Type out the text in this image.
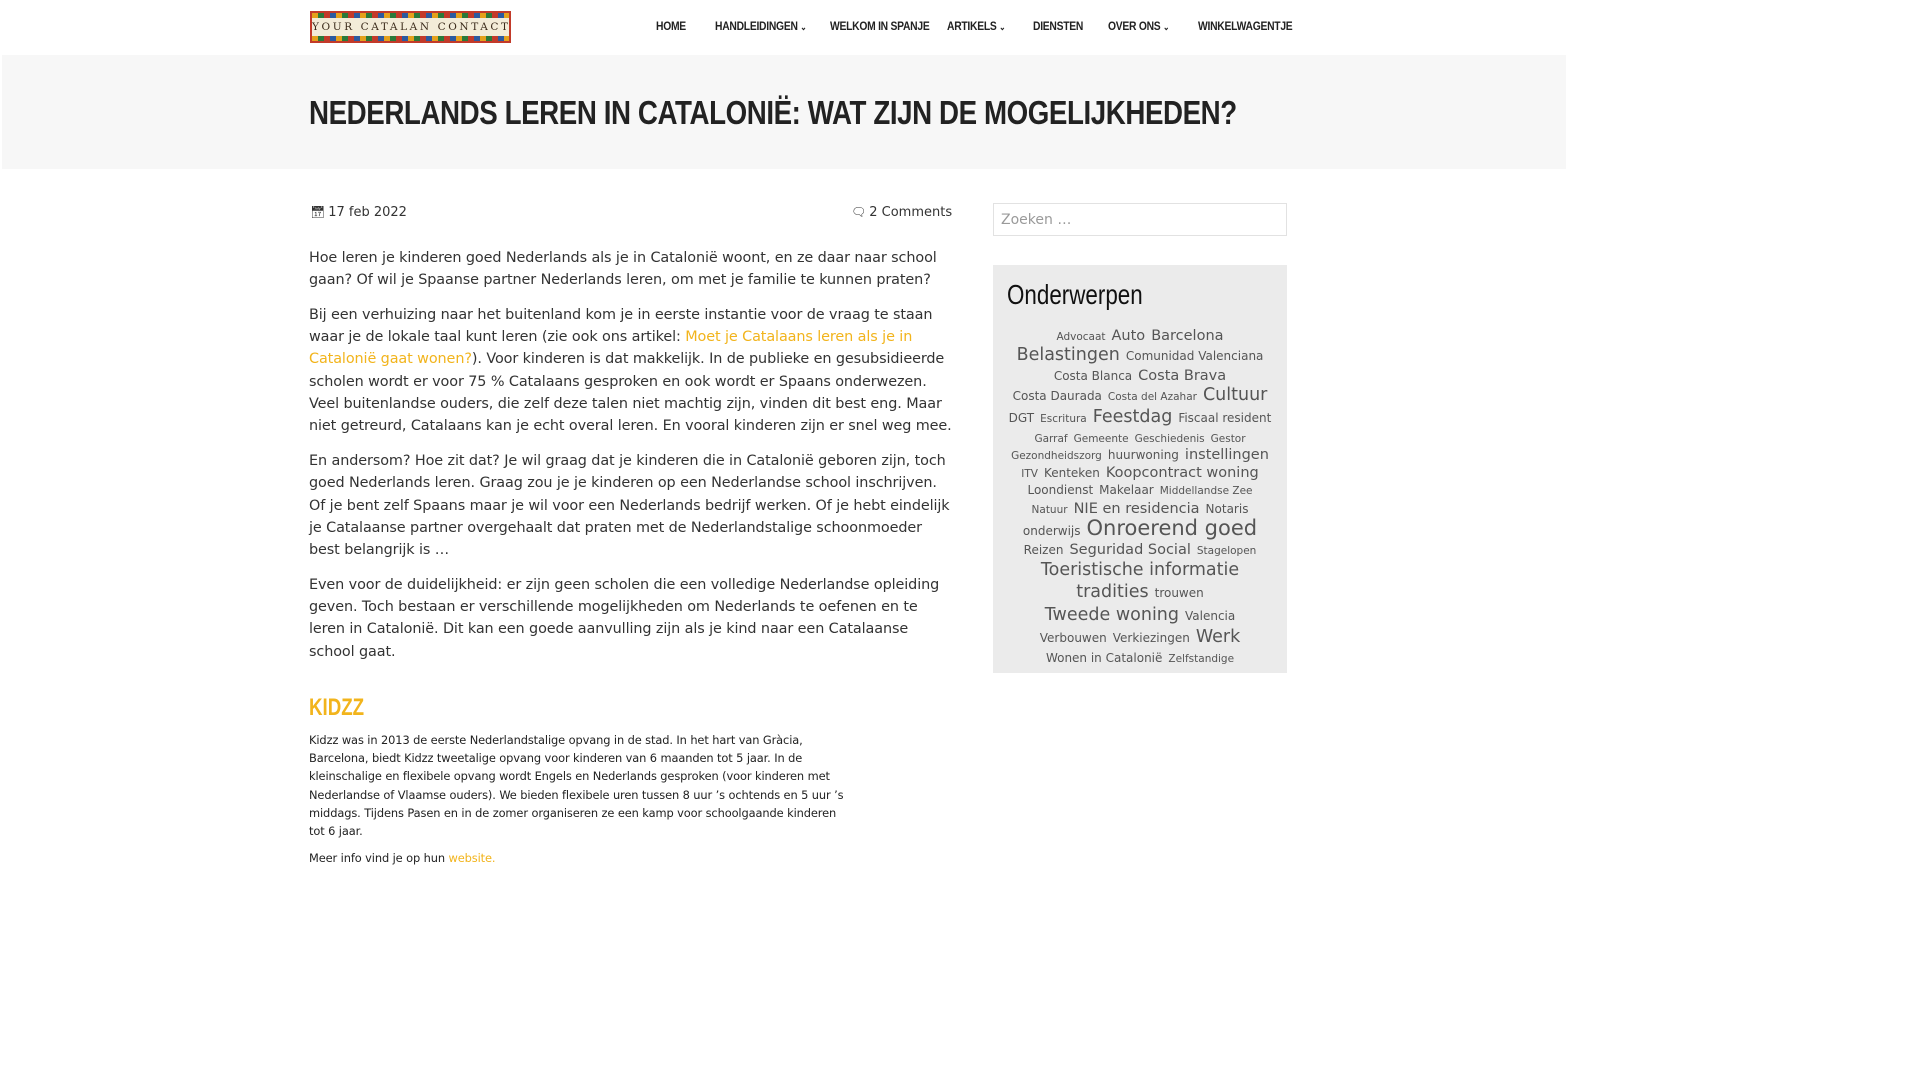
YOUR CATALAN CONTACT	HOME HANDLEIDINGEN ⌄ WELKOM IN SPANJE ARTIKELS ⌄ DIENSTEN OVER ONS ⌄ WINKELWAGENTJE
NEDERLANDS LEREN IN CATALONIË: WAT ZIJN DE MOGELIJKHEDEN?
📅︎ 17 feb 2022	🗨︎ 2 Comments

Hoe leren je kinderen goed Nederlands als je in Catalonië woont, en ze daar naar school gaan? Of wil je Spaanse partner Nederlands leren, om met je familie te kunnen praten?

Bij een verhuizing naar het buitenland kom je in eerste instantie voor de vraag te staan waar je de lokale taal kunt leren (zie ook ons artikel: Moet je Catalaans leren als je in Catalonië gaat wonen?). Voor kinderen is dat makkelijk. In de publieke en gesubsidieerde scholen wordt er voor 75 % Catalaans gesproken en ook wordt er Spaans onderwezen. Veel buitenlandse ouders, die zelf deze talen niet machtig zijn, vinden dit best eng. Maar niet getreurd, Catalaans kan je echt overal leren. En vooral kinderen zijn er snel weg mee.

En andersom? Hoe zit dat? Je wil graag dat je kinderen die in Catalonië geboren zijn, toch goed Nederlands leren. Graag zou je je kinderen op een Nederlandse school inschrijven. Of je bent zelf Spaans maar je wil voor een Nederlands bedrijf werken. Of je hebt eindelijk je Catalaanse partner overgehaalt dat praten met de Nederlandstalige schoonmoeder best belangrijk is …

Even voor de duidelijkheid: er zijn geen scholen die een volledige Nederlandse opleiding geven. Toch bestaan er verschillende mogelijkheden om Nederlands te oefenen en te leren in Catalonië. Dit kan een goede aanvulling zijn als je kind naar een Catalaanse school gaat.

KIDZZ

Kidzz was in 2013 de eerste Nederlandstalige opvang in de stad. In het hart van Gràcia, Barcelona, biedt Kidzz tweetalige opvang voor kinderen van 6 maanden tot 5 jaar. In de kleinschalige en flexibele opvang wordt Engels en Nederlands gesproken (voor kinderen met Nederlandse of Vlaamse ouders). We bieden flexibele uren tussen 8 uur ’s ochtends en 5 uur ’s middags. Tijdens Pasen en in de zomer organiseren ze een kamp voor schoolgaande kinderen tot 6 jaar.

Meer info vind je op hun website.

Zoeken …
Onderwerpen
Advocaat Auto Barcelona
Belastingen Comunidad Valenciana
Costa Blanca Costa Brava
Costa Daurada Costa del Azahar Cultuur
DGT Escritura Feestdag Fiscaal resident
Garraf Gemeente Geschiedenis Gestor
Gezondheidszorg huurwoning instellingen
ITV Kenteken Koopcontract woning
Loondienst Makelaar Middellandse Zee
Natuur NIE en residencia Notaris
onderwijs Onroerend goed
Reizen Seguridad Social Stagelopen
Toeristische informatie
tradities trouwen
Tweede woning Valencia
Verbouwen Verkiezingen Werk
Wonen in Catalonië Zelfstandige
